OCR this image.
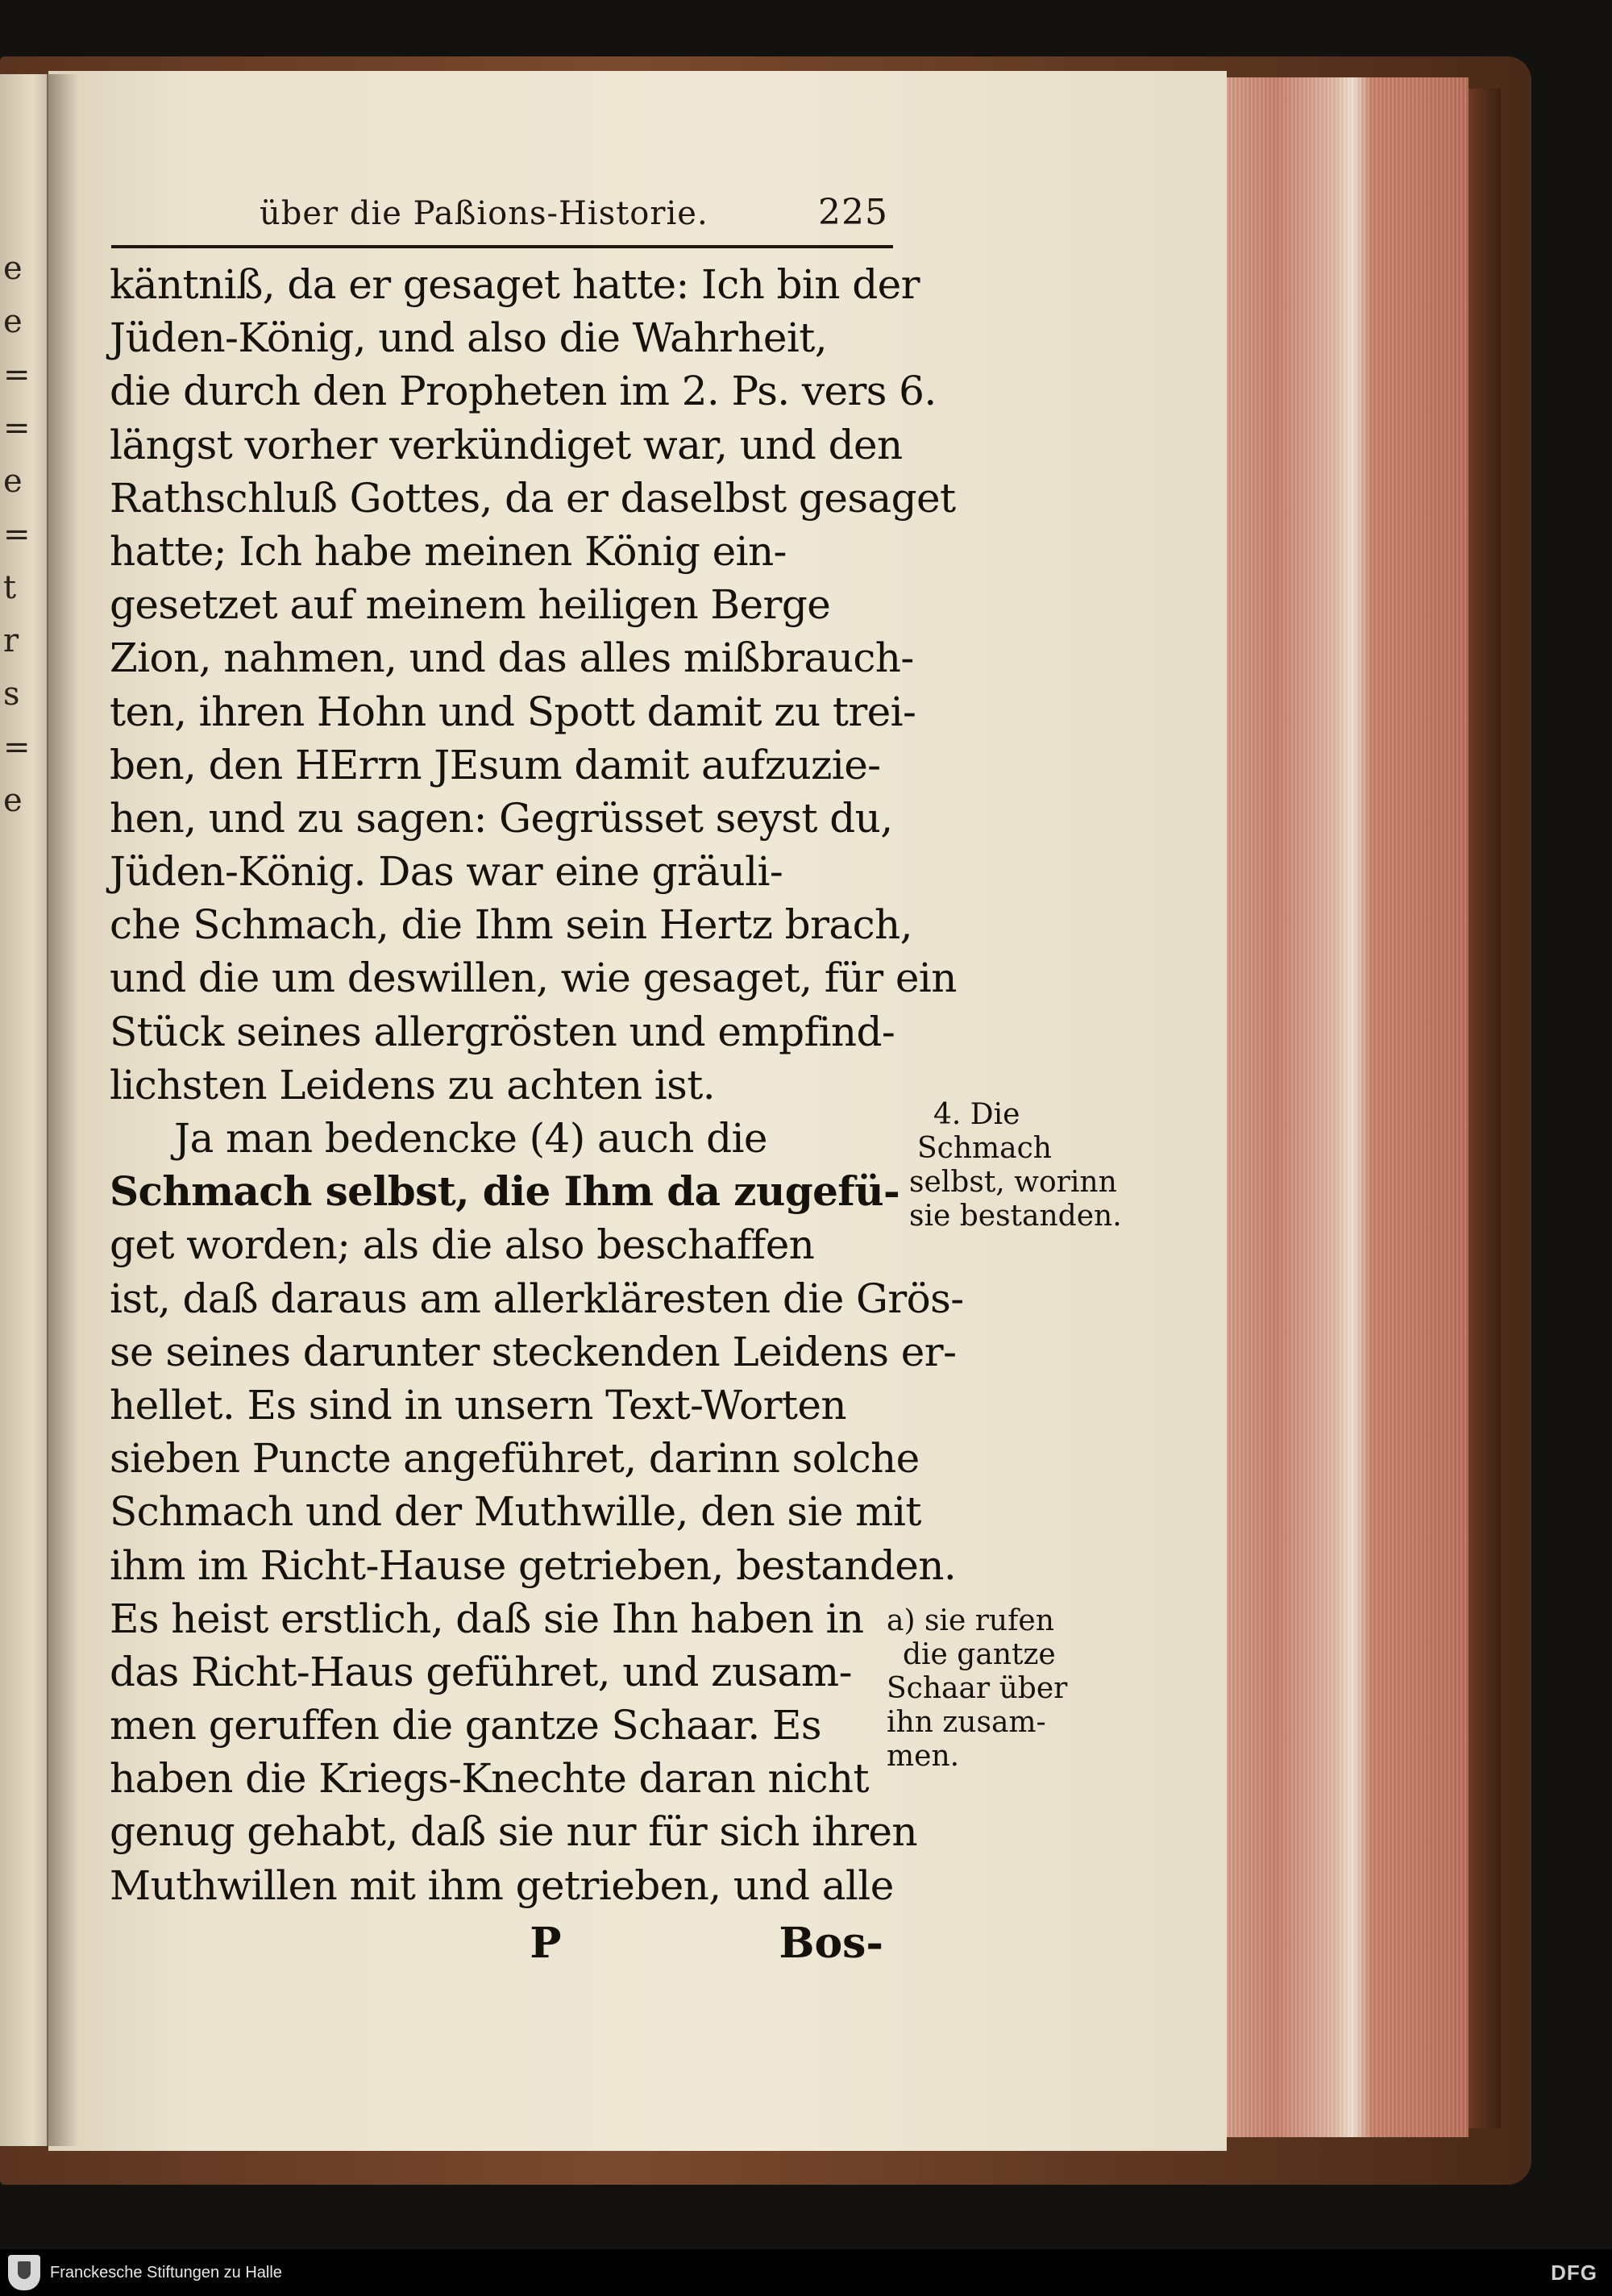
e
e
=
=
e
=
t
r
s
=
e
über die Paßions-Historie.	225
käntniß, da er gesaget hatte: Ich bin der
Jüden-König, und also die Wahrheit,
die durch den Propheten im 2. Ps. vers 6.
längst vorher verkündiget war, und den
Rathschluß Gottes, da er daselbst gesaget
hatte; Ich habe meinen König ein-
gesetzet auf meinem heiligen Berge
Zion, nahmen, und das alles mißbrauch-
ten, ihren Hohn und Spott damit zu trei-
ben, den HErrn JEsum damit aufzuzie-
hen, und zu sagen: Gegrüsset seyst du,
Jüden-König. Das war eine gräuli-
che Schmach, die Ihm sein Hertz brach,
und die um deswillen, wie gesaget, für ein
Stück seines allergrösten und empfind-
lichsten Leidens zu achten ist.
Ja man bedencke (4) auch die
Schmach selbst, die Ihm da zugefü-
get worden; als die also beschaffen
ist, daß daraus am allerkläresten die Grös-
se seines darunter steckenden Leidens er-
hellet. Es sind in unsern Text-Worten
sieben Puncte angeführet, darinn solche
Schmach und der Muthwille, den sie mit
ihm im Richt-Hause getrieben, bestanden.
Es heist erstlich, daß sie Ihn haben in
das Richt-Haus geführet, und zusam-
men geruffen die gantze Schaar. Es
haben die Kriegs-Knechte daran nicht
genug gehabt, daß sie nur für sich ihren
Muthwillen mit ihm getrieben, und alle
4. Die
Schmach
selbst, worinn
sie bestanden.
a) sie rufen
die gantze
Schaar über
ihn zusam-
men.
P	Bos-
Franckesche Stiftungen zu Halle	DFG
